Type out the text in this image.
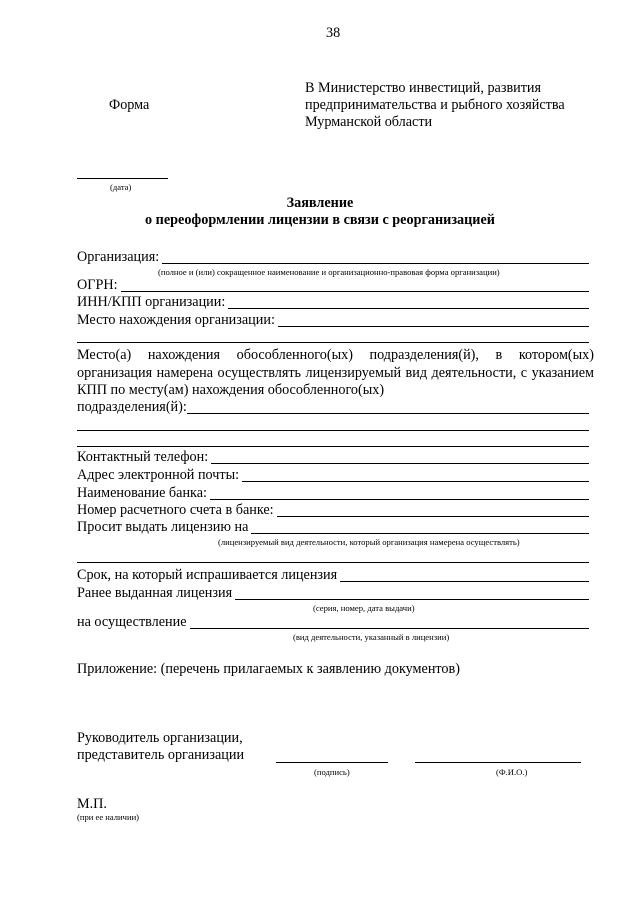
38
Форма
В Министерство инвестиций, развития
предпринимательства и рыбного хозяйства
Мурманской области
(дата)
Заявление
о переоформлении лицензии в связи с реорганизацией
Организация:
(полное и (или) сокращенное наименование и организационно-правовая форма организации)
ОГРН:
ИНН/КПП организации:
Место нахождения организации:
Место(а) нахождения обособленного(ых) подразделения(й), в котором(ых) организация намерена осуществлять лицензируемый вид деятельности, с указанием КПП по месту(ам) нахождения обособленного(ых)
подразделения(й):
Контактный телефон:
Адрес электронной почты:
Наименование банка:
Номер расчетного счета в банке:
Просит выдать лицензию на
(лицензируемый вид деятельности, который организация намерена осуществлять)
Срок, на который испрашивается лицензия
Ранее выданная лицензия
(серия, номер, дата выдачи)
на осуществление
(вид деятельности, указанный в лицензии)
Приложение: (перечень прилагаемых к заявлению документов)
Руководитель организации,
представитель организации
(подпись)	(Ф.И.О.)
М.П.
(при ее наличии)
